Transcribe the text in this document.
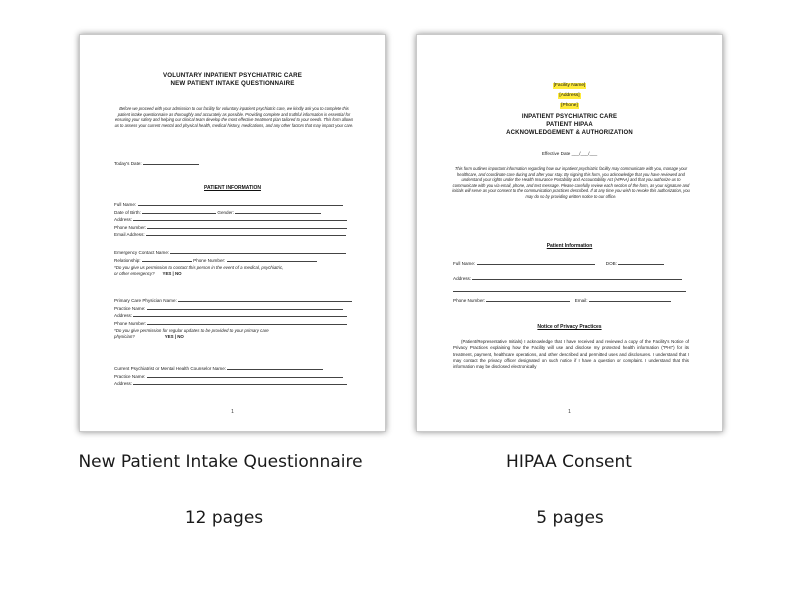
VOLUNTARY INPATIENT PSYCHIATRIC CARE
NEW PATIENT INTAKE QUESTIONNAIRE
Before we proceed with your admission to our facility for voluntary inpatient psychiatric care, we kindly ask you to complete this patient intake questionnaire as thoroughly and accurately as possible. Providing complete and truthful information is essential for ensuring your safety and helping our clinical team develop the most effective treatment plan tailored to your needs. This form allows us to assess your current mental and physical health, medical history, medications, and any other factors that may impact your care.
Today's Date:
PATIENT INFORMATION
Full Name:
Date of Birth:	Gender:
Address:
Phone Number:
Email Address:
Emergency Contact Name:
Relationship:	Phone Number:
*Do you give us permission to contact this person in the event of a medical, psychiatric,
or other emergency? YES | NO
Primary Care Physician Name:
Practice Name:
Address:
Phone Number:
*Do you give permission for regular updates to be provided to your primary care
physician?	YES | NO
Current Psychiatrist or Mental Health Counselor Name:
Practice Name:
Address:
1
[Facility Name]
[Address]
[Phone]
INPATIENT PSYCHIATRIC CARE
PATIENT HIPAA
ACKNOWLEDGEMENT & AUTHORIZATION
Effective Date ___/___/___
This form outlines important information regarding how our inpatient psychiatric facility may communicate with you, manage your healthcare, and coordinate care during and after your stay. By signing this form, you acknowledge that you have reviewed and understand your rights under the Health Insurance Portability and Accountability Act (HIPAA) and that you authorize us to communicate with you via email, phone, and text message. Please carefully review each section of the form, as your signature and initials will serve as your consent to the communication practices described. If at any time you wish to revoke this authorization, you may do so by providing written notice to our office.
Patient Information
Full Name:	DOB:
Address:
Phone Number:	Email:
Notice of Privacy Practices
(Patient/Representative Initials) I acknowledge that I have received and reviewed a copy of the Facility's Notice of Privacy Practices explaining how the Facility will use and disclose my protected health information ("PHI") for its treatment, payment, healthcare operations, and other described and permitted uses and disclosures. I understand that I may contact the privacy officer designated on such notice if I have a question or complaint. I understand that this information may be disclosed electronically
1
New Patient Intake Questionnaire	HIPAA Consent
12 pages	5 pages
